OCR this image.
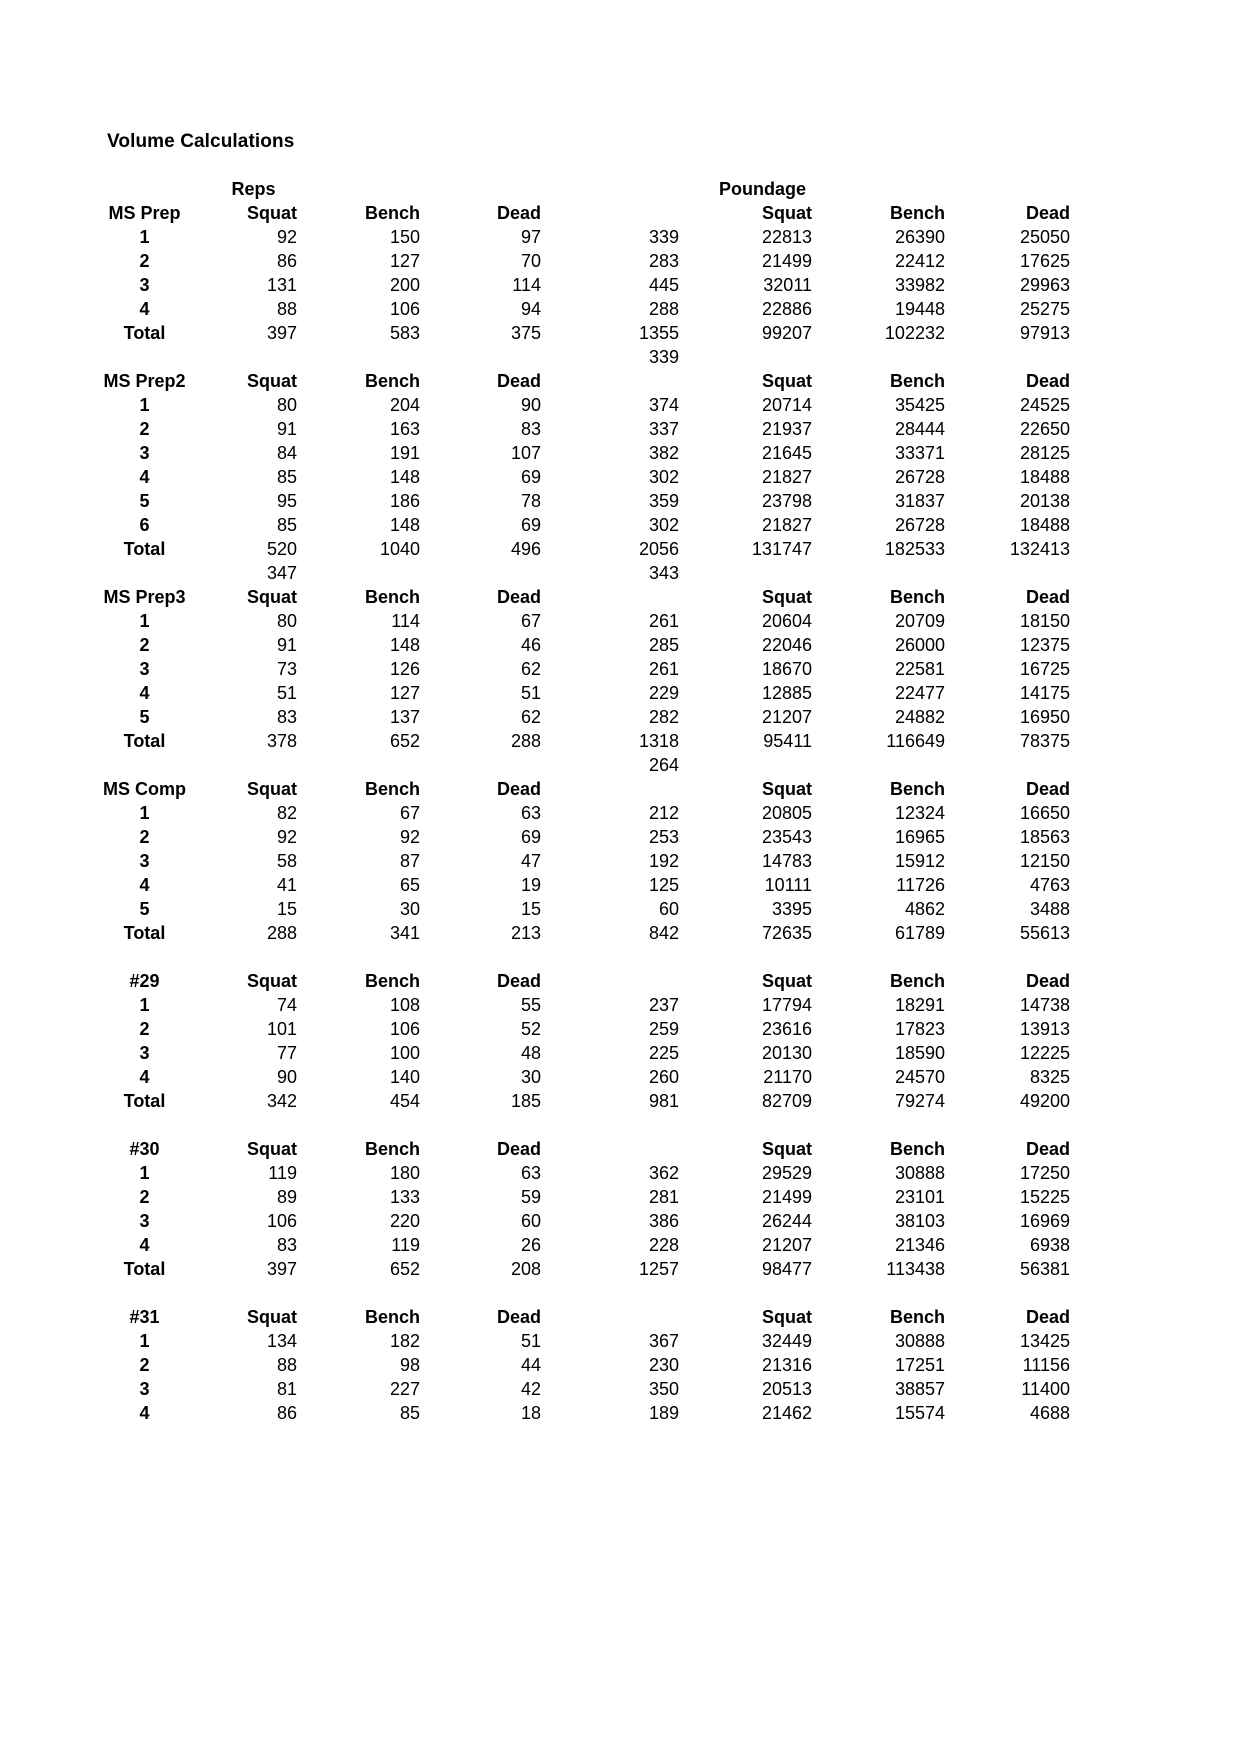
Volume Calculations
		Reps				Poundage		
	MS Prep	Squat	Bench	Dead		Squat	Bench	Dead
	1	92	150	97	339	22813	26390	25050
	2	86	127	70	283	21499	22412	17625
	3	131	200	114	445	32011	33982	29963
	4	88	106	94	288	22886	19448	25275
	Total	397	583	375	1355	99207	102232	97913
					339			
	MS Prep2	Squat	Bench	Dead		Squat	Bench	Dead
	1	80	204	90	374	20714	35425	24525
	2	91	163	83	337	21937	28444	22650
	3	84	191	107	382	21645	33371	28125
	4	85	148	69	302	21827	26728	18488
	5	95	186	78	359	23798	31837	20138
	6	85	148	69	302	21827	26728	18488
	Total	520	1040	496	2056	131747	182533	132413
		347			343			
	MS Prep3	Squat	Bench	Dead		Squat	Bench	Dead
	1	80	114	67	261	20604	20709	18150
	2	91	148	46	285	22046	26000	12375
	3	73	126	62	261	18670	22581	16725
	4	51	127	51	229	12885	22477	14175
	5	83	137	62	282	21207	24882	16950
	Total	378	652	288	1318	95411	116649	78375
					264			
	MS Comp	Squat	Bench	Dead		Squat	Bench	Dead
	1	82	67	63	212	20805	12324	16650
	2	92	92	69	253	23543	16965	18563
	3	58	87	47	192	14783	15912	12150
	4	41	65	19	125	10111	11726	4763
	5	15	30	15	60	3395	4862	3488
	Total	288	341	213	842	72635	61789	55613

	#29	Squat	Bench	Dead		Squat	Bench	Dead
	1	74	108	55	237	17794	18291	14738
	2	101	106	52	259	23616	17823	13913
	3	77	100	48	225	20130	18590	12225
	4	90	140	30	260	21170	24570	8325
	Total	342	454	185	981	82709	79274	49200

	#30	Squat	Bench	Dead		Squat	Bench	Dead
	1	119	180	63	362	29529	30888	17250
	2	89	133	59	281	21499	23101	15225
	3	106	220	60	386	26244	38103	16969
	4	83	119	26	228	21207	21346	6938
	Total	397	652	208	1257	98477	113438	56381

	#31	Squat	Bench	Dead		Squat	Bench	Dead
	1	134	182	51	367	32449	30888	13425
	2	88	98	44	230	21316	17251	11156
	3	81	227	42	350	20513	38857	11400
	4	86	85	18	189	21462	15574	4688
